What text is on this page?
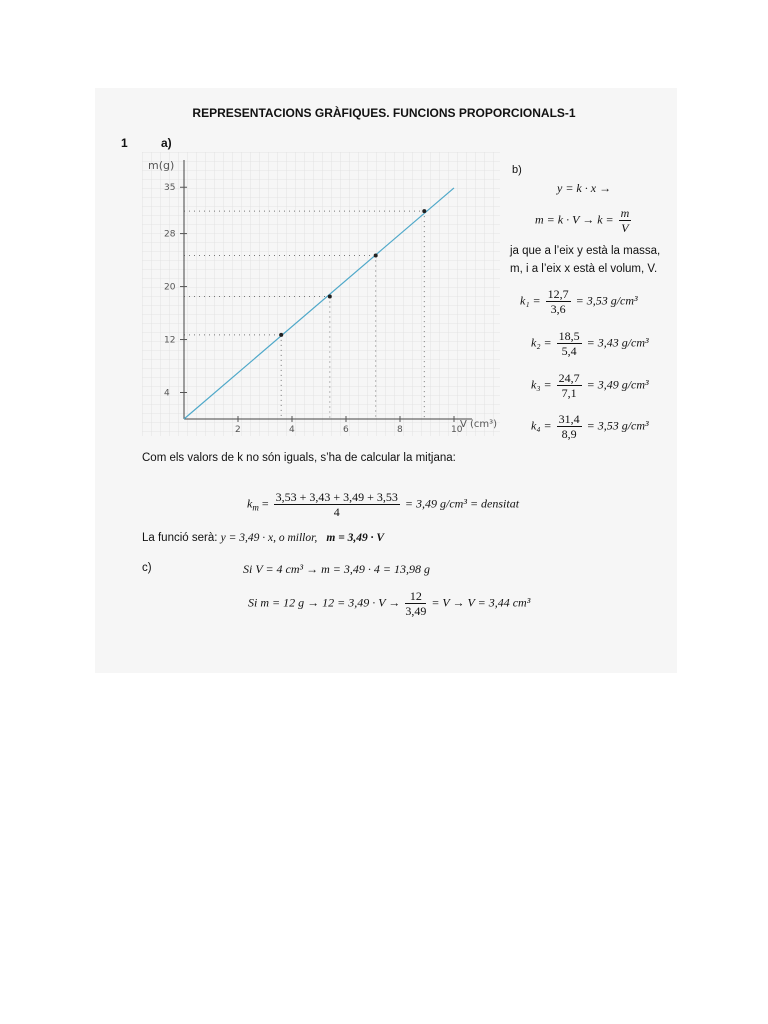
REPRESENTACIONS GRÀFIQUES. FUNCIONS PROPORCIONALS-1
1	a)
m(g)
V (cm³)
2	4	6	8	10
4
12
20
28
35
b)
y = k · x →
$m = k \cdot V \to k = \frac{m}{V}$
ja que a l’eix y està la massa,
m, i a l’eix x està el volum, V.
$k_1 = \frac{12,7}{3,6} = 3,53$ g/cm³
$k_2 = \frac{18,5}{5,4} = 3,43$ g/cm³
$k_3 = \frac{24,7}{7,1} = 3,49$ g/cm³
$k_4 = \frac{31,4}{8,9} = 3,53$ g/cm³
Com els valors de k no són iguals, s’ha de calcular la mitjana:
$k_m = \frac{3,53 + 3,43 + 3,49 + 3,53}{4} = 3,49$ g/cm³ = densitat
La funció serà: y = 3,49 · x, o millor, m = 3,49 · V
c)	Si V = 4 cm³ → m = 3,49 · 4 = 13,98 g
Si m = 12 $g \to 12 = 3,49 \cdot V \to \frac{12}{3,49} = V \to V = 3,44$ cm³
